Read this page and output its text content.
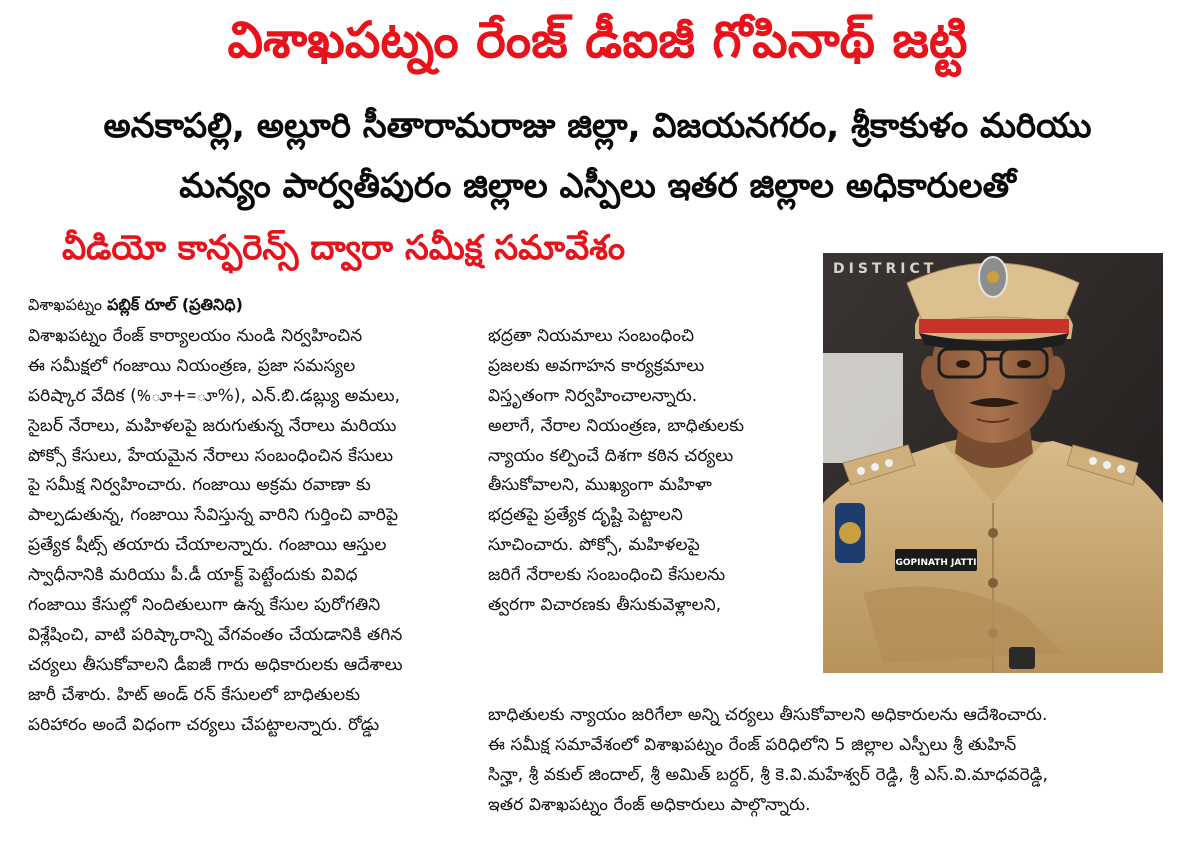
విశాఖపట్నం రేంజ్ డీఐజీ గోపినాథ్ జట్టి
అనకాపల్లి, అల్లూరి సీతారామరాజు జిల్లా, విజయనగరం, శ్రీకాకుళం మరియు
మన్యం పార్వతీపురం జిల్లాల ఎస్పీలు ఇతర జిల్లాల అధికారులతో
వీడియో కాన్ఫరెన్స్ ద్వారా సమీక్ష సమావేశం
విశాఖపట్నం పబ్లిక్ రూల్ (ప్రతినిధి)
విశాఖపట్నం రేంజ్ కార్యాలయం నుండి నిర్వహించిన
ఈ సమీక్షలో గంజాయి నియంత్రణ, ప్రజా సమస్యల
పరిష్కార వేదిక (%ూ+=ూ%), ఎన్.బి.డబ్ల్యు అమలు,
సైబర్ నేరాలు, మహిళలపై జరుగుతున్న నేరాలు మరియు
పోక్సో కేసులు, హేయమైన నేరాలు సంబంధించిన కేసులు
పై సమీక్ష నిర్వహించారు. గంజాయి అక్రమ రవాణా కు
పాల్పడుతున్న, గంజాయి సేవిస్తున్న వారిని గుర్తించి వారిపై
ప్రత్యేక షీట్స్ తయారు చేయాలన్నారు. గంజాయి ఆస్తుల
స్వాధీనానికి మరియు పీ.డీ యాక్ట్ పెట్టేందుకు వివిధ
గంజాయి కేసుల్లో నిందితులుగా ఉన్న కేసుల పురోగతిని
విశ్లేషించి, వాటి పరిష్కారాన్ని వేగవంతం చేయడానికి తగిన
చర్యలు తీసుకోవాలని డీఐజీ గారు అధికారులకు ఆదేశాలు
జారీ చేశారు. హిట్ అండ్ రన్ కేసులలో బాధితులకు
పరిహారం అందే విధంగా చర్యలు చేపట్టాలన్నారు. రోడ్డు
భద్రతా నియమాలు సంబంధించి
ప్రజలకు అవగాహన కార్యక్రమాలు
విస్తృతంగా నిర్వహించాలన్నారు.
అలాగే, నేరాల నియంత్రణ, బాధితులకు
న్యాయం కల్పించే దిశగా కఠిన చర్యలు
తీసుకోవాలని, ముఖ్యంగా మహిళా
భద్రతపై ప్రత్యేక దృష్టి పెట్టాలని
సూచించారు. పోక్సో, మహిళలపై
జరిగే నేరాలకు సంబంధించి కేసులను
త్వరగా విచారణకు తీసుకువెళ్లాలని,
బాధితులకు న్యాయం జరిగేలా అన్ని చర్యలు తీసుకోవాలని అధికారులను ఆదేశించారు.
ఈ సమీక్ష సమావేశంలో విశాఖపట్నం రేంజ్ పరిధిలోని 5 జిల్లాల ఎస్పీలు శ్రీ తుహిన్
సిన్హా, శ్రీ వకుల్ జిందాల్, శ్రీ అమిత్ బర్దర్, శ్రీ కె.వి.మహేశ్వర్ రెడ్డి, శ్రీ ఎస్.వి.మాధవరెడ్డి,
ఇతర విశాఖపట్నం రేంజ్ అధికారులు పాల్గొన్నారు.
DISTRICT
GOPINATH JATTI
